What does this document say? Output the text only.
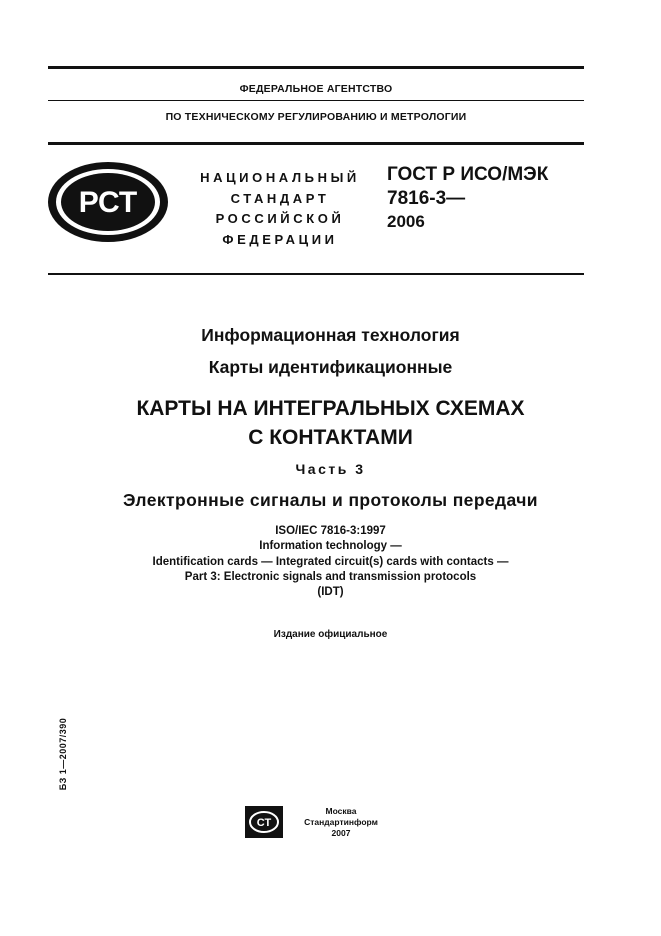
ФЕДЕРАЛЬНОЕ АГЕНТСТВО
ПО ТЕХНИЧЕСКОМУ РЕГУЛИРОВАНИЮ И МЕТРОЛОГИИ
РСТ
НАЦИОНАЛЬНЫЙ
СТАНДАРТ
РОССИЙСКОЙ
ФЕДЕРАЦИИ
ГОСТ Р ИСО/МЭК
7816-3—
2006
Информационная технология
Карты идентификационные
КАРТЫ НА ИНТЕГРАЛЬНЫХ СХЕМАХ
С КОНТАКТАМИ
Часть 3
Электронные сигналы и протоколы передачи
ISO/IEC 7816-3:1997
Information technology —
Identification cards — Integrated circuit(s) cards with contacts —
Part 3: Electronic signals and transmission protocols
(IDT)
Издание официальное
БЗ 1—2007/390
СТ
Москва
Стандартинформ
2007
